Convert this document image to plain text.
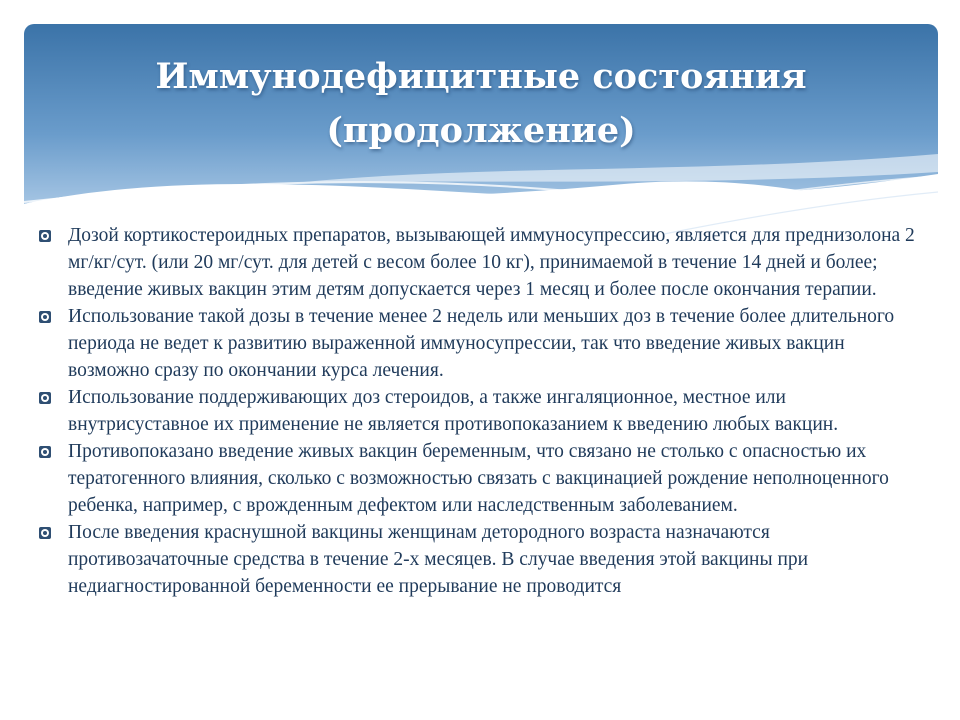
Иммунодефицитные состояния
(продолжение)
Дозой кортикостероидных препаратов, вызывающей иммуносупрессию, является для преднизолона 2 мг/кг/сут. (или 20 мг/сут. для детей с весом более 10 кг), принимаемой в течение 14 дней и более; введение живых вакцин этим детям допускается через 1 месяц и более после окончания терапии.
Использование такой дозы в течение менее 2 недель или меньших доз в течение более длительного периода не ведет к развитию выраженной иммуносупрессии, так что введение живых вакцин возможно сразу по окончании курса лечения.
Использование поддерживающих доз стероидов, а также ингаляционное, местное или внутрисуставное их применение не является противопоказанием к введению любых вакцин.
Противопоказано введение живых вакцин беременным, что связано не столько с опасностью их тератогенного влияния, сколько с возможностью связать с вакцинацией рождение неполноценного ребенка, например, с врожденным дефектом или наследственным заболеванием.
После введения краснушной вакцины женщинам детородного возраста назначаются противозачаточные средства в течение 2-х месяцев. В случае введения этой вакцины при недиагностированной беременности ее прерывание не проводится
